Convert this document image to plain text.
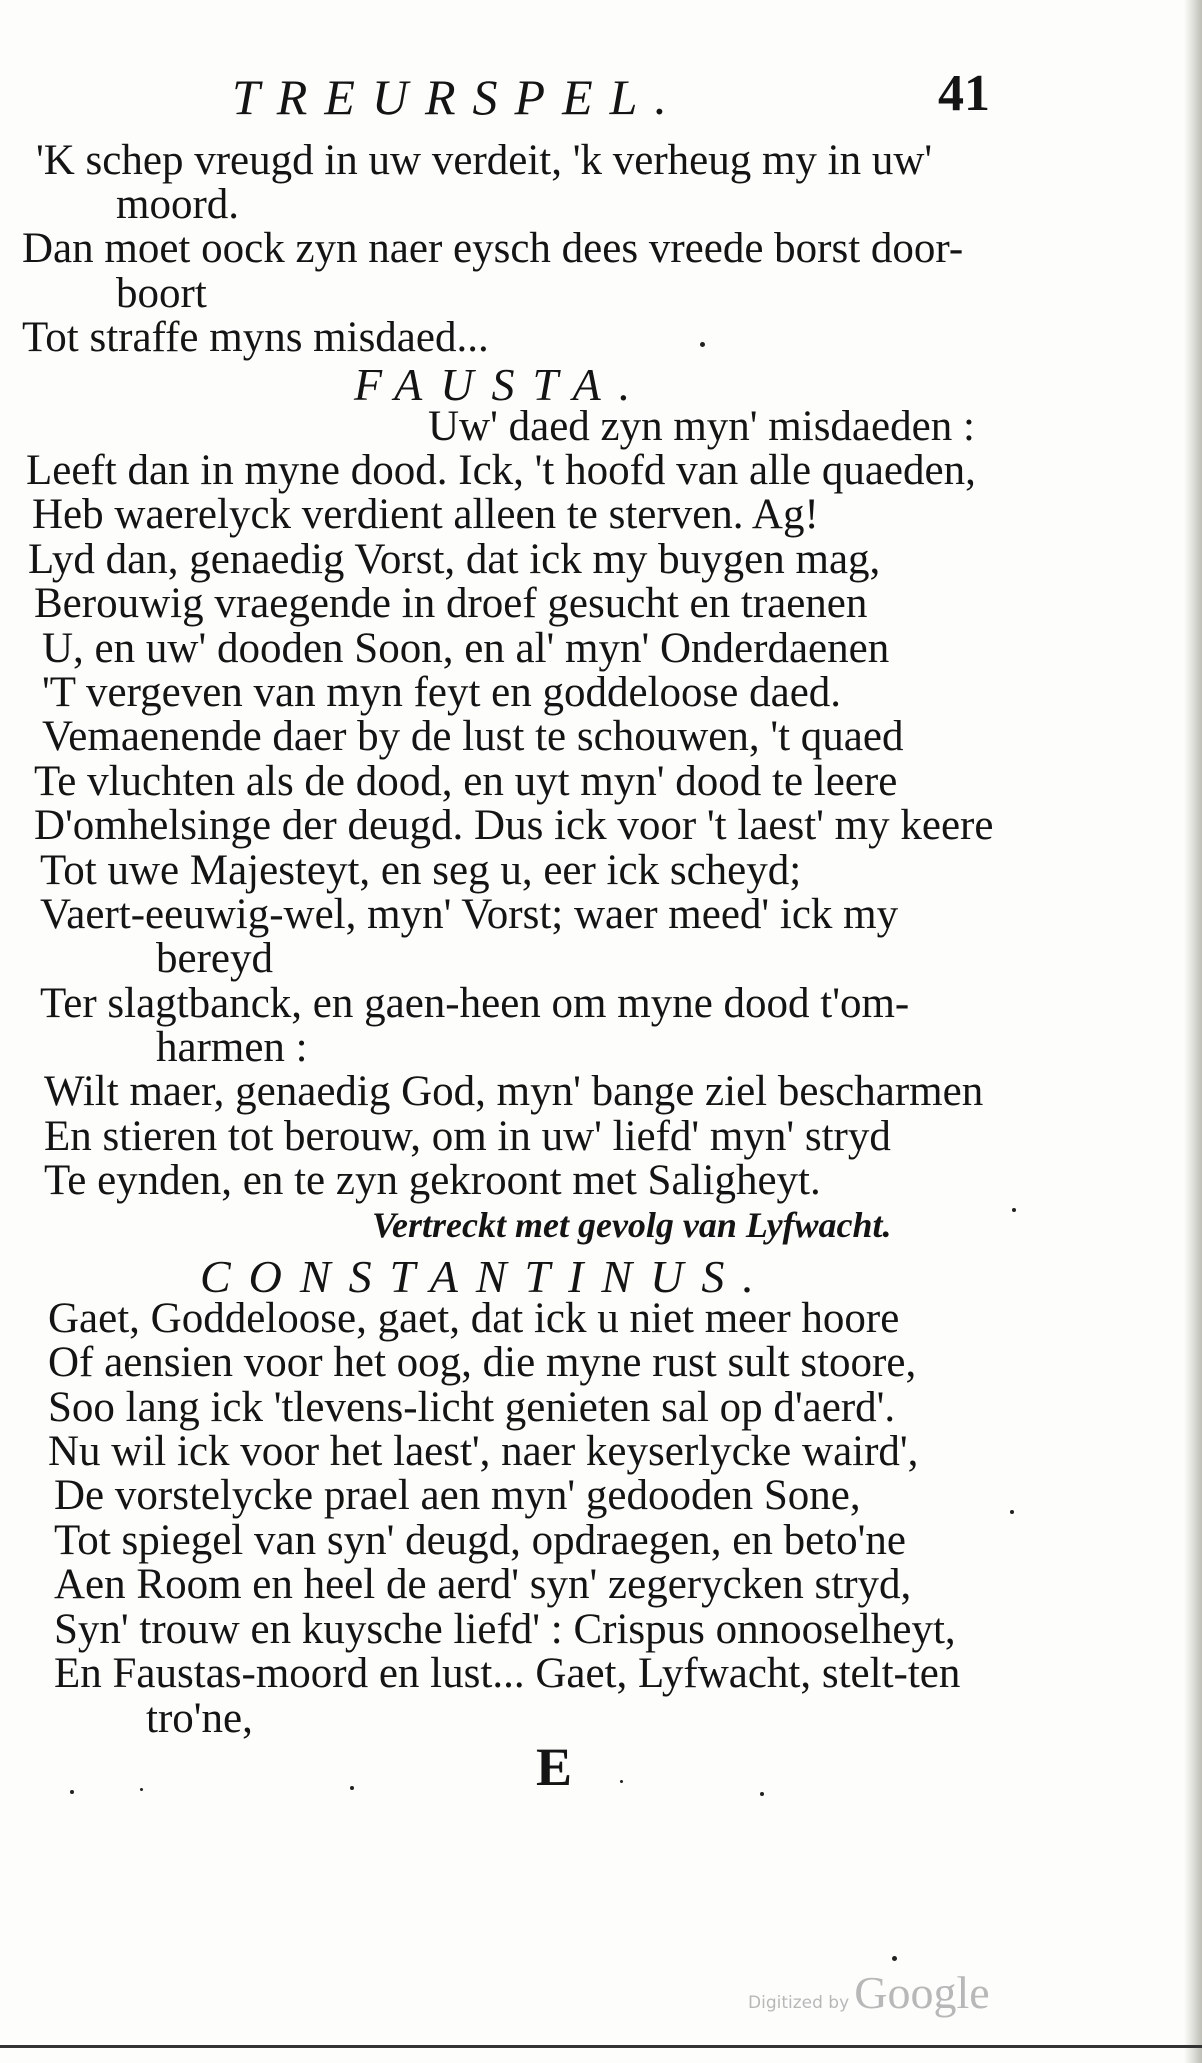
TREURSPEL.	41
'K schep vreugd in uw verdeit, 'k verheug my in uw'
moord.
Dan moet oock zyn naer eysch dees vreede borst door-
boort
Tot straffe myns misdaed...
FAUSTA.
Uw' daed zyn myn' misdaeden :
Leeft dan in myne dood. Ick, 't hoofd van alle quaeden,
Heb waerelyck verdient alleen te sterven. Ag!
Lyd dan, genaedig Vorst, dat ick my buygen mag,
Berouwig vraegende in droef gesucht en traenen
U, en uw' dooden Soon, en al' myn' Onderdaenen
'T vergeven van myn feyt en goddeloose daed.
Vemaenende daer by de lust te schouwen, 't quaed
Te vluchten als de dood, en uyt myn' dood te leere
D'omhelsinge der deugd. Dus ick voor 't laest' my keere
Tot uwe Majesteyt, en seg u, eer ick scheyd;
Vaert-eeuwig-wel, myn' Vorst; waer meed' ick my
bereyd
Ter slagtbanck, en gaen-heen om myne dood t'om-
harmen :
Wilt maer, genaedig God, myn' bange ziel bescharmen
En stieren tot berouw, om in uw' liefd' myn' stryd
Te eynden, en te zyn gekroont met Saligheyt.
Vertreckt met gevolg van Lyfwacht.
CONSTANTINUS.
Gaet, Goddeloose, gaet, dat ick u niet meer hoore
Of aensien voor het oog, die myne rust sult stoore,
Soo lang ick 'tlevens-licht genieten sal op d'aerd'.
Nu wil ick voor het laest', naer keyserlycke waird',
De vorstelycke prael aen myn' gedooden Sone,
Tot spiegel van syn' deugd, opdraegen, en beto'ne
Aen Room en heel de aerd' syn' zegerycken stryd,
Syn' trouw en kuysche liefd' : Crispus onnooselheyt,
En Faustas-moord en lust... Gaet, Lyfwacht, stelt-ten
tro'ne,
E
Digitized by Google
